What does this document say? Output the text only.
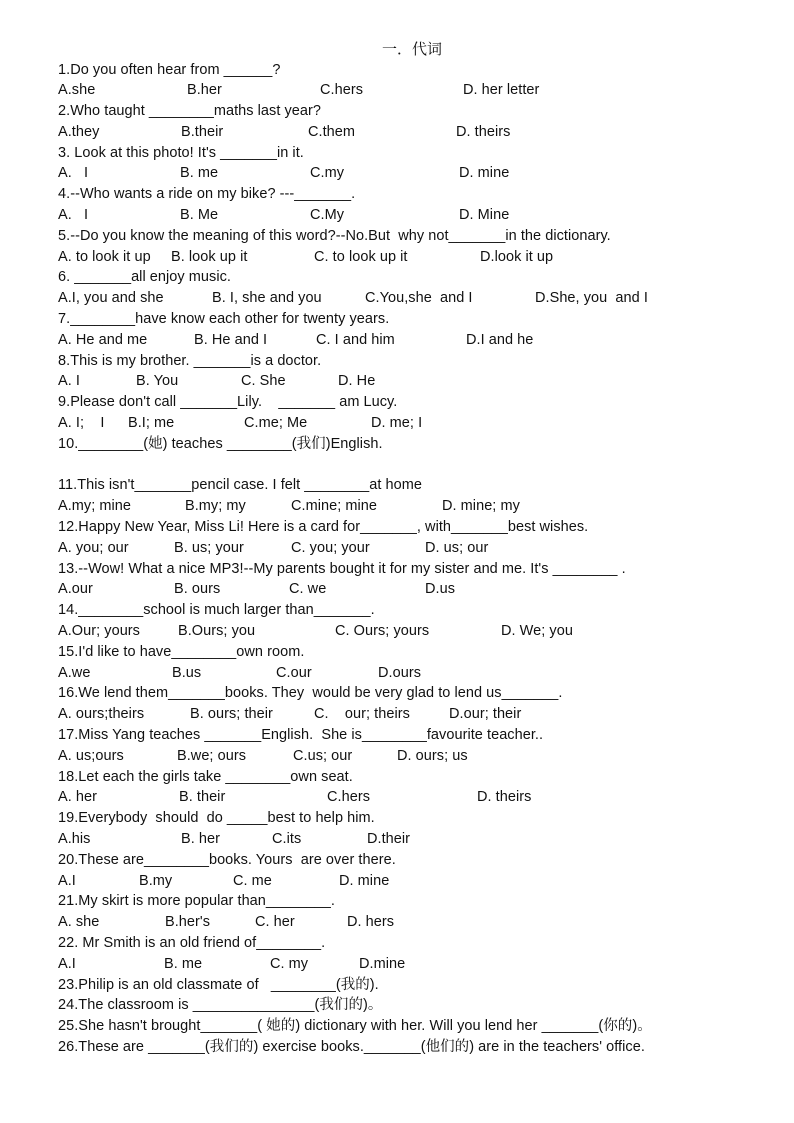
一．代词
1.Do you often hear from ______?
A.she	B.her	C.hers	D. her letter
2.Who taught ________maths last year?
A.they	B.their	C.them	D. theirs
3. Look at this photo! It's _______in it.
A.   I	B. me	C.my	D. mine
4.--Who wants a ride on my bike? ---_______.
A.   I	B. Me	C.My	D. Mine
5.--Do you know the meaning of this word?--No.But  why not_______in the dictionary.
A. to look it up B. look up it	C. to look up it	D.look it up
6. _______all enjoy music.
A.I, you and she	B. I, she and you	C.You,she  and I	D.She, you  and I
7.________have know each other for twenty years.
A. He and me	B. He and I	C. I and him	D.I and he
8.This is my brother. _______is a doctor.
A. I	B. You	C. She	D. He
9.Please don't call _______Lily.    _______ am Lucy.
A. I;    I B.I; me	C.me; Me	D. me; I
10.________(她) teaches ________(我们)English.
11.This isn't_______pencil case. I felt ________at home
A.my; mine	B.my; my	C.mine; mine	D. mine; my
12.Happy New Year, Miss Li! Here is a card for_______, with_______best wishes.
A. you; our	B. us; your	C. you; your	D. us; our
13.--Wow! What a nice MP3!--My parents bought it for my sister and me. It's ________ .
A.our	B. ours	C. we	D.us
14.________school is much larger than_______.
A.Our; yours	B.Ours; you	C. Ours; yours	D. We; you
15.I'd like to have________own room.
A.we	B.us	C.our	D.ours
16.We lend them_______books. They  would be very glad to lend us_______.
A. ours;theirs	B. ours; their	C.    our; theirs	D.our; their
17.Miss Yang teaches _______English.  She is________favourite teacher..
A. us;ours	B.we; ours	C.us; our	D. ours; us
18.Let each the girls take ________own seat.
A. her	B. their	C.hers	D. theirs
19.Everybody  should  do _____best to help him.
A.his	B. her	C.its	D.their
20.These are________books. Yours  are over there.
A.I	B.my	C. me	D. mine
21.My skirt is more popular than________.
A. she	B.her's	C. her	D. hers
22. Mr Smith is an old friend of________.
A.I	B. me	C. my	D.mine
23.Philip is an old classmate of   ________(我的).
24.The classroom is _______________(我们的)。
25.She hasn't brought_______( 她的) dictionary with her. Will you lend her _______(你的)。
26.These are _______(我们的) exercise books._______(他们的) are in the teachers' office.
